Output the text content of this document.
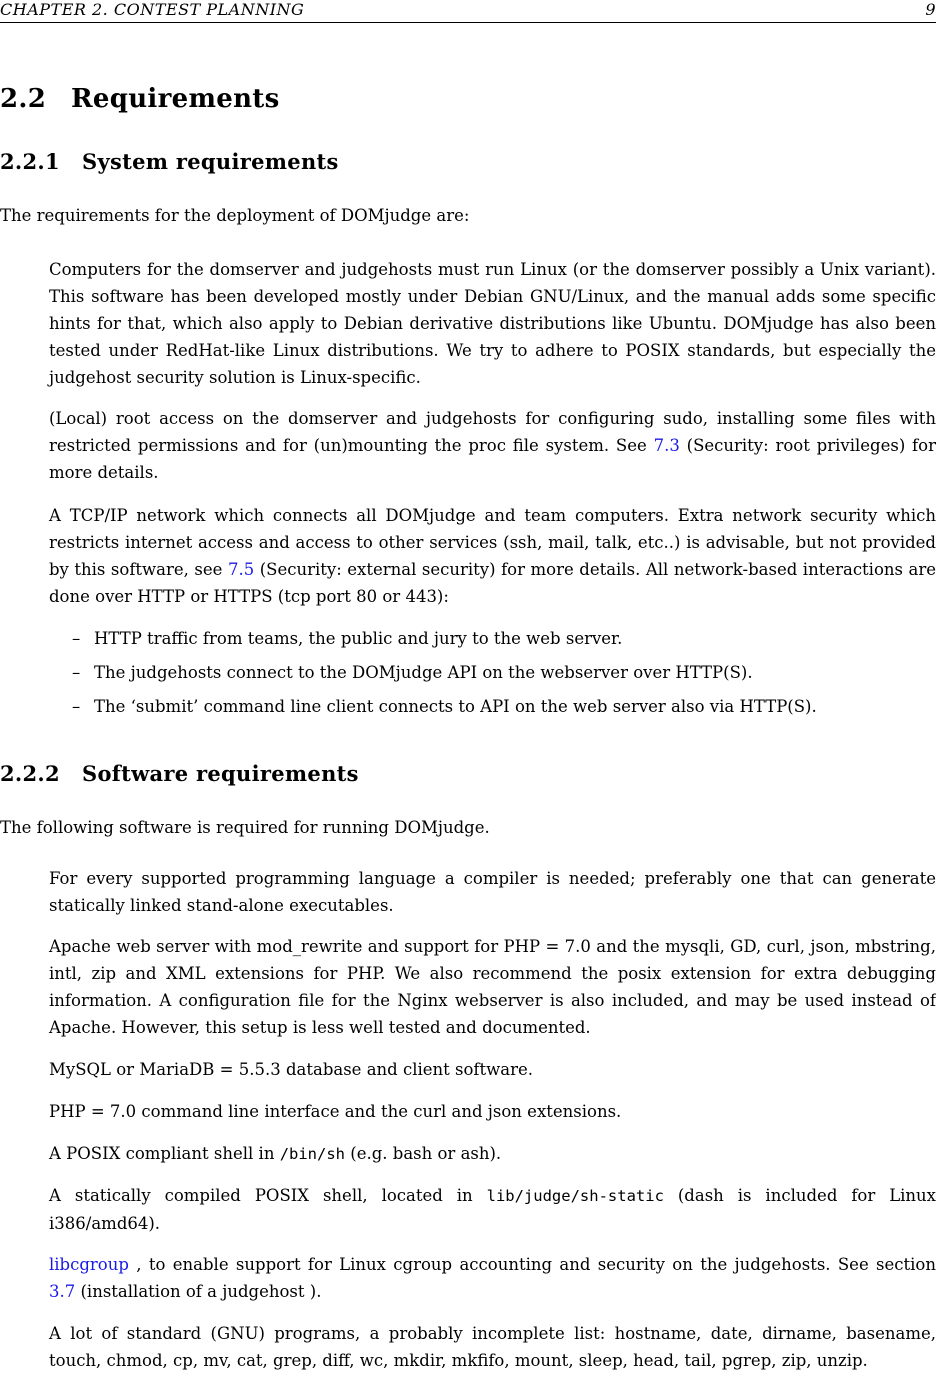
CHAPTER 2. CONTEST PLANNING	9
2.2 Requirements
2.2.1 System requirements
The requirements for the deployment of DOMjudge are:
Computers for the domserver and judgehosts must run Linux (or the domserver possibly a Unix variant). This software has been developed mostly under Debian GNU/Linux, and the manual adds some specific hints for that, which also apply to Debian derivative distributions like Ubuntu. DOMjudge has also been tested under RedHat-like Linux distributions. We try to adhere to POSIX standards, but especially the judgehost security solution is Linux-specific.
(Local) root access on the domserver and judgehosts for configuring sudo, installing some files with restricted permissions and for (un)mounting the proc file system. See 7.3 (Security: root privileges) for more details.
A TCP/IP network which connects all DOMjudge and team computers. Extra network security which restricts internet access and access to other services (ssh, mail, talk, etc..) is advisable, but not provided by this software, see 7.5 (Security: external security) for more details. All network-based interactions are done over HTTP or HTTPS (tcp port 80 or 443):
– HTTP traffic from teams, the public and jury to the web server.
– The judgehosts connect to the DOMjudge API on the webserver over HTTP(S).
– The ‘submit’ command line client connects to API on the web server also via HTTP(S).
2.2.2 Software requirements
The following software is required for running DOMjudge.
For every supported programming language a compiler is needed; preferably one that can generate statically linked stand-alone executables.
Apache web server with mod_rewrite and support for PHP = 7.0 and the mysqli, GD, curl, json, mbstring, intl, zip and XML extensions for PHP. We also recommend the posix extension for extra debugging information. A configuration file for the Nginx webserver is also included, and may be used instead of Apache. However, this setup is less well tested and documented.
MySQL or MariaDB = 5.5.3 database and client software.
PHP = 7.0 command line interface and the curl and json extensions.
A POSIX compliant shell in /bin/sh (e.g. bash or ash).
A statically compiled POSIX shell, located in lib/judge/sh-static (dash is included for Linux i386/amd64).
libcgroup , to enable support for Linux cgroup accounting and security on the judgehosts. See section 3.7 (installation of a judgehost ).
A lot of standard (GNU) programs, a probably incomplete list: hostname, date, dirname, basename, touch, chmod, cp, mv, cat, grep, diff, wc, mkdir, mkfifo, mount, sleep, head, tail, pgrep, zip, unzip.
